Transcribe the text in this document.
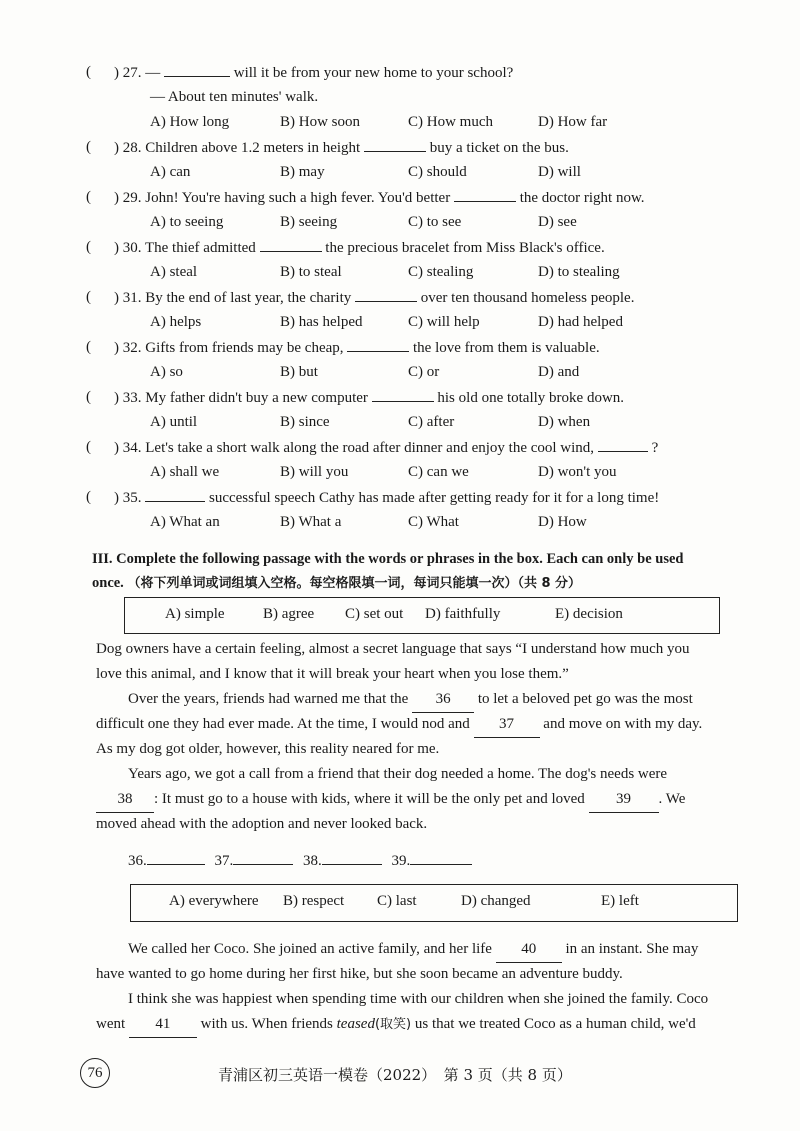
( ) 27. —	will it be from your new home to your school?
— About ten minutes' walk.
A) How long	B) How soon	C) How much	D) How far
( ) 28. Children above 1.2 meters in height	buy a ticket on the bus.
A) can	B) may	C) should	D) will
( ) 29. John! You're having such a high fever. You'd better	the doctor right now.
A) to seeing	B) seeing	C) to see	D) see
( ) 30. The thief admitted	the precious bracelet from Miss Black's office.
A) steal	B) to steal	C) stealing	D) to stealing
( ) 31. By the end of last year, the charity	over ten thousand homeless people.
A) helps	B) has helped	C) will help	D) had helped
( ) 32. Gifts from friends may be cheap,	the love from them is valuable.
A) so	B) but	C) or	D) and
( ) 33. My father didn't buy a new computer	his old one totally broke down.
A) until	B) since	C) after	D) when
( ) 34. Let's take a short walk along the road after dinner and enjoy the cool wind,	?
A) shall we	B) will you	C) can we	D) won't you
( ) 35.	successful speech Cathy has made after getting ready for it for a long time!
A) What an	B) What a	C) What	D) How
III. Complete the following passage with the words or phrases in the box. Each can only be used
once. （将下列单词或词组填入空格。每空格限填一词，每词只能填一次）（共 8 分）
A) simple	B) agree C) set out D) faithfully	E) decision
Dog owners have a certain feeling, almost a secret language that says “I understand how much you
love this animal, and I know that it will break your heart when you lose them.”
Over the years, friends had warned me that the 36 to let a beloved pet go was the most
difficult one they had ever made. At the time, I would nod and 37 and move on with my day.
As my dog got older, however, this reality neared for me.
Years ago, we got a call from a friend that their dog needed a home. The dog's needs were
38 : It must go to a house with kids, where it will be the only pet and loved 39 . We
moved ahead with the adoption and never looked back.
36.	37.	38.	39.
A) everywhere B) respect C) last	D) changed	E) left
We called her Coco. She joined an active family, and her life 40 in an instant. She may
have wanted to go home during her first hike, but she soon became an adventure buddy.
I think she was happiest when spending time with our children when she joined the family. Coco
went 41 with us. When friends teased(取笑) us that we treated Coco as a human child, we'd
76	青浦区初三英语一模卷（2022）　第 3 页（共 8 页）
